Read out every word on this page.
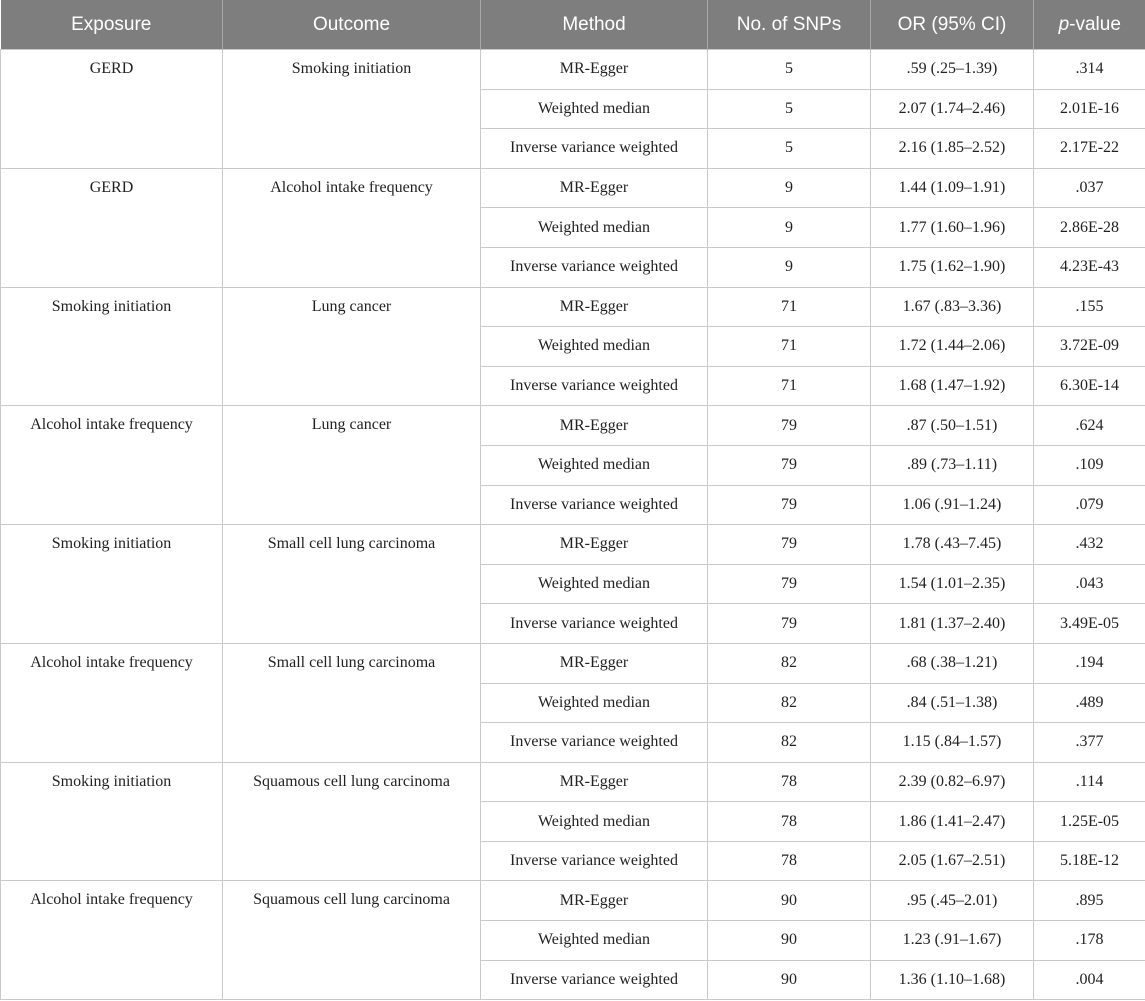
Exposure	Outcome	Method	No. of SNPs	OR (95% CI)	p-value
GERD	Smoking initiation	MR-Egger	5	.59 (.25–1.39)	.314
		Weighted median	5	2.07 (1.74–2.46)	2.01E-16
		Inverse variance weighted	5	2.16 (1.85–2.52)	2.17E-22
GERD	Alcohol intake frequency	MR-Egger	9	1.44 (1.09–1.91)	.037
		Weighted median	9	1.77 (1.60–1.96)	2.86E-28
		Inverse variance weighted	9	1.75 (1.62–1.90)	4.23E-43
Smoking initiation	Lung cancer	MR-Egger	71	1.67 (.83–3.36)	.155
		Weighted median	71	1.72 (1.44–2.06)	3.72E-09
		Inverse variance weighted	71	1.68 (1.47–1.92)	6.30E-14
Alcohol intake frequency	Lung cancer	MR-Egger	79	.87 (.50–1.51)	.624
		Weighted median	79	.89 (.73–1.11)	.109
		Inverse variance weighted	79	1.06 (.91–1.24)	.079
Smoking initiation	Small cell lung carcinoma	MR-Egger	79	1.78 (.43–7.45)	.432
		Weighted median	79	1.54 (1.01–2.35)	.043
		Inverse variance weighted	79	1.81 (1.37–2.40)	3.49E-05
Alcohol intake frequency	Small cell lung carcinoma	MR-Egger	82	.68 (.38–1.21)	.194
		Weighted median	82	.84 (.51–1.38)	.489
		Inverse variance weighted	82	1.15 (.84–1.57)	.377
Smoking initiation	Squamous cell lung carcinoma	MR-Egger	78	2.39 (0.82–6.97)	.114
		Weighted median	78	1.86 (1.41–2.47)	1.25E-05
		Inverse variance weighted	78	2.05 (1.67–2.51)	5.18E-12
Alcohol intake frequency	Squamous cell lung carcinoma	MR-Egger	90	.95 (.45–2.01)	.895
		Weighted median	90	1.23 (.91–1.67)	.178
		Inverse variance weighted	90	1.36 (1.10–1.68)	.004
